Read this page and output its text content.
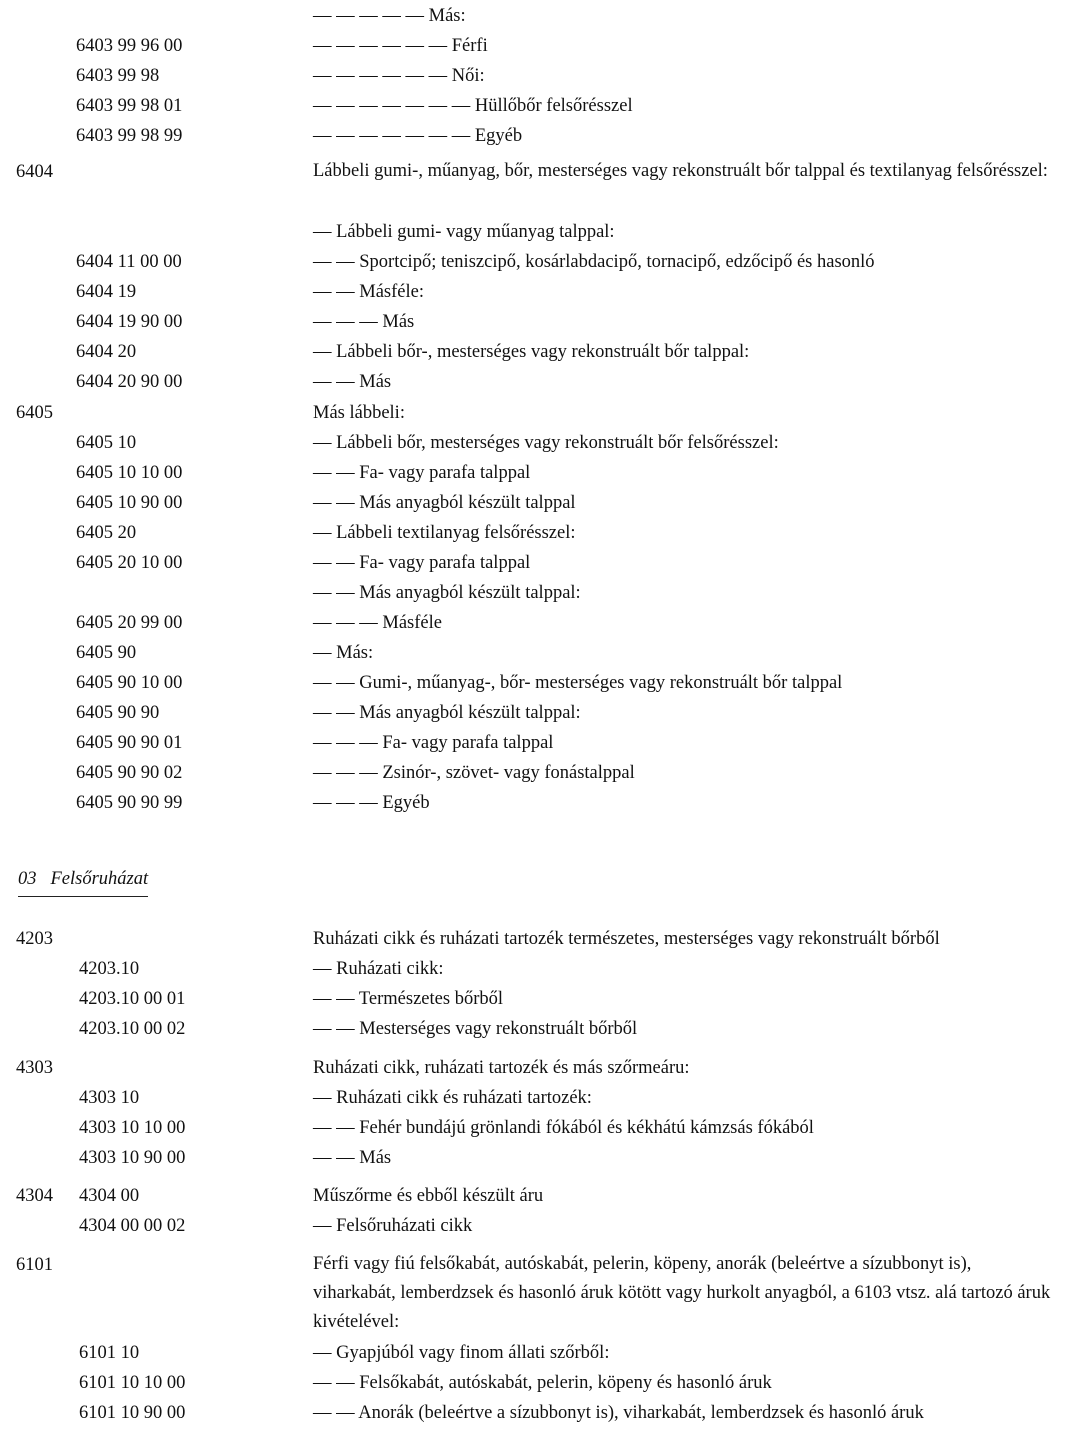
— — — — — Más:
6403 99 96 00	— — — — — — Férfi
6403 99 98	— — — — — — Női:
6403 99 98 01	— — — — — — — Hüllőbőr felsőrésszel
6403 99 98 99	— — — — — — — Egyéb
6404	Lábbeli gumi-, műanyag, bőr, mesterséges vagy rekonstruált bőr talppal és textilanyag felsőrésszel:
— Lábbeli gumi- vagy műanyag talppal:
6404 11 00 00	— — Sportcipő; teniszcipő, kosárlabdacipő, tornacipő, edzőcipő és hasonló
6404 19	— — Másféle:
6404 19 90 00	— — — Más
6404 20	— Lábbeli bőr-, mesterséges vagy rekonstruált bőr talppal:
6404 20 90 00	— — Más
6405	Más lábbeli:
6405 10	— Lábbeli bőr, mesterséges vagy rekonstruált bőr felsőrésszel:
6405 10 10 00	— — Fa- vagy parafa talppal
6405 10 90 00	— — Más anyagból készült talppal
6405 20	— Lábbeli textilanyag felsőrésszel:
6405 20 10 00	— — Fa- vagy parafa talppal
— — Más anyagból készült talppal:
6405 20 99 00	— — — Másféle
6405 90	— Más:
6405 90 10 00	— — Gumi-, műanyag-, bőr- mesterséges vagy rekonstruált bőr talppal
6405 90 90	— — Más anyagból készült talppal:
6405 90 90 01	— — — Fa- vagy parafa talppal
6405 90 90 02	— — — Zsinór-, szövet- vagy fonástalppal
6405 90 90 99	— — — Egyéb
03 Felsőruházat
4203	Ruházati cikk és ruházati tartozék természetes, mesterséges vagy rekonstruált bőrből
4203.10	— Ruházati cikk:
4203.10 00 01	— — Természetes bőrből
4203.10 00 02	— — Mesterséges vagy rekonstruált bőrből
4303	Ruházati cikk, ruházati tartozék és más szőrmeáru:
4303 10	— Ruházati cikk és ruházati tartozék:
4303 10 10 00	— — Fehér bundájú grönlandi fókából és kékhátú kámzsás fókából
4303 10 90 00	— — Más
4304 4304 00	Műszőrme és ebből készült áru
4304 00 00 02	— Felsőruházati cikk
6101	Férfi vagy fiú felsőkabát, autóskabát, pelerin, köpeny, anorák (beleértve a sízubbonyt is), viharkabát, lemberdzsek és hasonló áruk kötött vagy hurkolt anyagból, a 6103 vtsz. alá tartozó áruk kivételével:
6101 10	— Gyapjúból vagy finom állati szőrből:
6101 10 10 00	— — Felsőkabát, autóskabát, pelerin, köpeny és hasonló áruk
6101 10 90 00	— — Anorák (beleértve a sízubbonyt is), viharkabát, lemberdzsek és hasonló áruk
